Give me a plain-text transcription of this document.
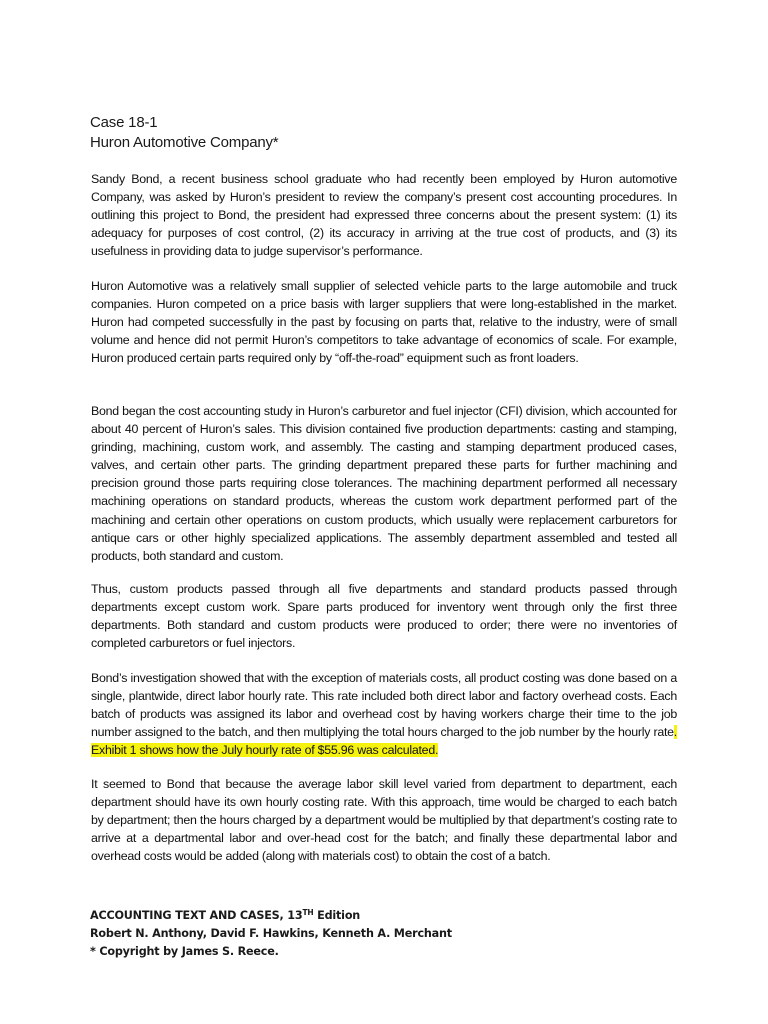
Case 18-1
Huron Automotive Company*

Sandy Bond, a recent business school graduate who had recently been employed by Huron automotive Company, was asked by Huron’s president to review the company’s present cost accounting procedures. In outlining this project to Bond, the president had expressed three concerns about the present system: (1) its adequacy for purposes of cost control, (2) its accuracy in arriving at the true cost of products, and (3) its usefulness in providing data to judge supervisor’s performance.

Huron Automotive was a relatively small supplier of selected vehicle parts to the large automobile and truck companies. Huron competed on a price basis with larger suppliers that were long-established in the market. Huron had competed successfully in the past by focusing on parts that, relative to the industry, were of small volume and hence did not permit Huron’s competitors to take advantage of economics of scale. For example, Huron produced certain parts required only by “off-the-road” equipment such as front loaders.

Bond began the cost accounting study in Huron’s carburetor and fuel injector (CFI) division, which accounted for about 40 percent of Huron’s sales. This division contained five production departments: casting and stamping, grinding, machining, custom work, and assembly. The casting and stamping department produced cases, valves, and certain other parts. The grinding department prepared these parts for further machining and precision ground those parts requiring close tolerances. The machining department performed all necessary machining operations on standard products, whereas the custom work department performed part of the machining and certain other operations on custom products, which usually were replacement carburetors for antique cars or other highly specialized applications. The assembly department assembled and tested all products, both standard and custom.

Thus, custom products passed through all five departments and standard products passed through departments except custom work. Spare parts produced for inventory went through only the first three departments. Both standard and custom products were produced to order; there were no inventories of completed carburetors or fuel injectors.

Bond’s investigation showed that with the exception of materials costs, all product costing was done based on a single, plantwide, direct labor hourly rate. This rate included both direct labor and factory overhead costs. Each batch of products was assigned its labor and overhead cost by having workers charge their time to the job number assigned to the batch, and then multiplying the total hours charged to the job number by the hourly rate. Exhibit 1 shows how the July hourly rate of $55.96 was calculated.

It seemed to Bond that because the average labor skill level varied from department to department, each department should have its own hourly costing rate. With this approach, time would be charged to each batch by department; then the hours charged by a department would be multiplied by that department’s costing rate to arrive at a departmental labor and over-head cost for the batch; and finally these departmental labor and overhead costs would be added (along with materials cost) to obtain the cost of a batch.

ACCOUNTING TEXT AND CASES, 13TH Edition
Robert N. Anthony, David F. Hawkins, Kenneth A. Merchant
* Copyright by James S. Reece.
